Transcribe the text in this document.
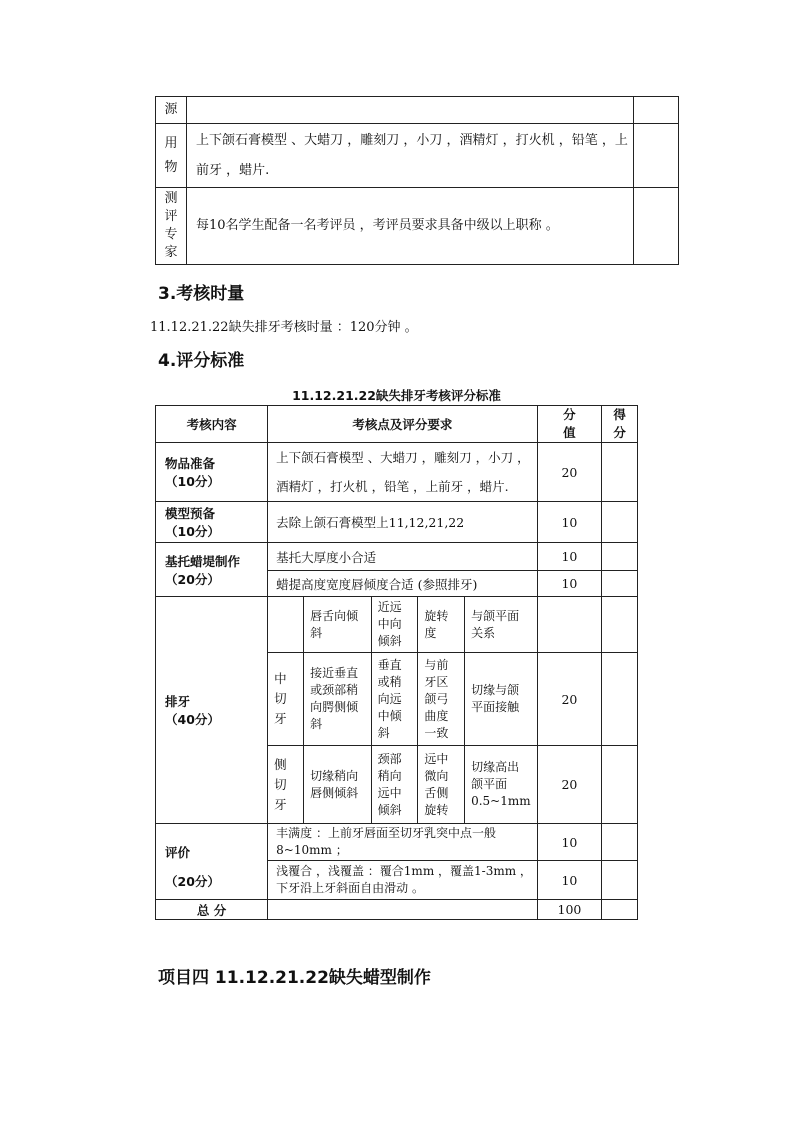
源		

用物	上下颌石膏模型 、大蜡刀 ，雕刻刀 ，小刀 ，酒精灯 ，打火机 ，铅笔 ，上前牙 ，蜡片.	

测评专家	每10名学生配备一名考评员 ，考评员要求具备中级以上职称 。	
3.考核时量
11.12.21.22缺失排牙考核时量 ：120分钟 。
4.评分标准
11.12.21.22缺失排牙考核评分标准
考核内容	考核点及评分要求					分值	得分

物品准备
（10分）	上下颌石膏模型 、大蜡刀 ，雕刻刀 ，小刀 ，酒精灯 ，打火机 ，铅笔 ，上前牙 ，蜡片.					20	

模型预备
（10分）	去除上颌石膏模型上11,12,21,22					10	

基托蜡堤制作
（20分）	基托大厚度小合适					10	
	蜡提高度宽度唇倾度合适 (参照排牙)					10	

排牙
（40分）		唇舌向倾斜	近远中向倾斜	旋转度	与颌平面关系		

	中切牙	接近垂直或颈部稍向腭侧倾斜	垂直或稍向远中倾斜	与前牙区颌弓曲度一致	切缘与颌平面接触	20	

	侧切牙	切缘稍向唇侧倾斜	颈部稍向远中倾斜	远中微向舌侧旋转	切缘高出颌平面0.5~1mm	20	

评价
（20分）	丰满度 ：上前牙唇面至切牙乳突中点一般8~10mm ；					10	
	浅覆合 ，浅覆盖 ：覆合1mm ，覆盖1-3mm ，下牙沿上牙斜面自由滑动 。					10	
总 分						100	
项目四 11.12.21.22缺失蜡型制作
